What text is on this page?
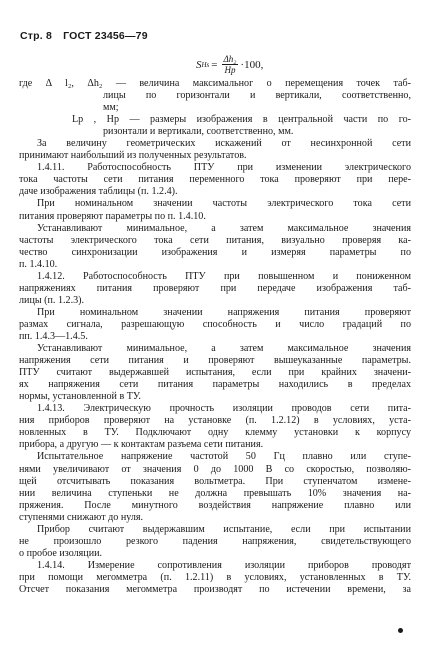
Стр. 8 ГОСТ 23456—79
S $Hs = \frac{\text{Δh₂}}{Hр} \cdot 100$,
где Δ l₂, Δh₂ — величина максимальног о перемещения точек таб-
лицы по горизонтали и вертикали, соответственно,
мм;
Lр , Hр — размеры изображения в центральной части по го-
ризонтали и вертикали, соответственно, мм.
За величину геометрических искажений от несинхронной сети
принимают наибольший из полученных результатов.
1.4.11. Работоспособность ПТУ при изменении электрического
тока частоты сети питания переменного тока проверяют при пере-
даче изображения таблицы (п. 1.2.4).
При номинальном значении частоты электрического тока сети
питания проверяют параметры по п. 1.4.10.
Устанавливают минимальное, а затем максимальное значения
частоты электрического тока сети питания, визуально проверяя ка-
чество синхронизации изображения и измеряя параметры по
п. 1.4.10.
1.4.12. Работоспособность ПТУ при повышенном и пониженном
напряжениях питания проверяют при передаче изображения таб-
лицы (п. 1.2.3).
При номинальном значении напряжения питания проверяют
размах сигнала, разрешающую способность и число градаций по
пп. 1.4.3—1.4.5.
Устанавливают минимальное, а затем максимальное значения
напряжения сети питания и проверяют вышеуказанные параметры.
ПТУ считают выдержавшей испытания, если при крайних значени-
ях напряжения сети питания параметры находились в пределах
нормы, установленной в ТУ.
1.4.13. Электрическую прочность изоляции проводов сети пита-
ния приборов проверяют на установке (п. 1.2.12) в условиях, уста-
новленных в ТУ. Подключают одну клемму установки к корпусу
прибора, а другую — к контактам разъема сети питания.
Испытательное напряжение частотой 50 Гц плавно или ступе-
нями увеличивают от значения 0 до 1000 В со скоростью, позволяю-
щей отсчитывать показания вольтметра. При ступенчатом измене-
нии величина ступеньки не должна превышать 10% значения на-
пряжения. После минутного воздействия напряжение плавно или
ступенями снижают до нуля.
Прибор считают выдержавшим испытание, если при испытании
не произошло резкого падения напряжения, свидетельствующего
о пробое изоляции.
1.4.14. Измерение сопротивления изоляции приборов проводят
при помощи мегомметра (п. 1.2.11) в условиях, установленных в ТУ.
Отсчет показания мегомметра производят по истечении времени, за
